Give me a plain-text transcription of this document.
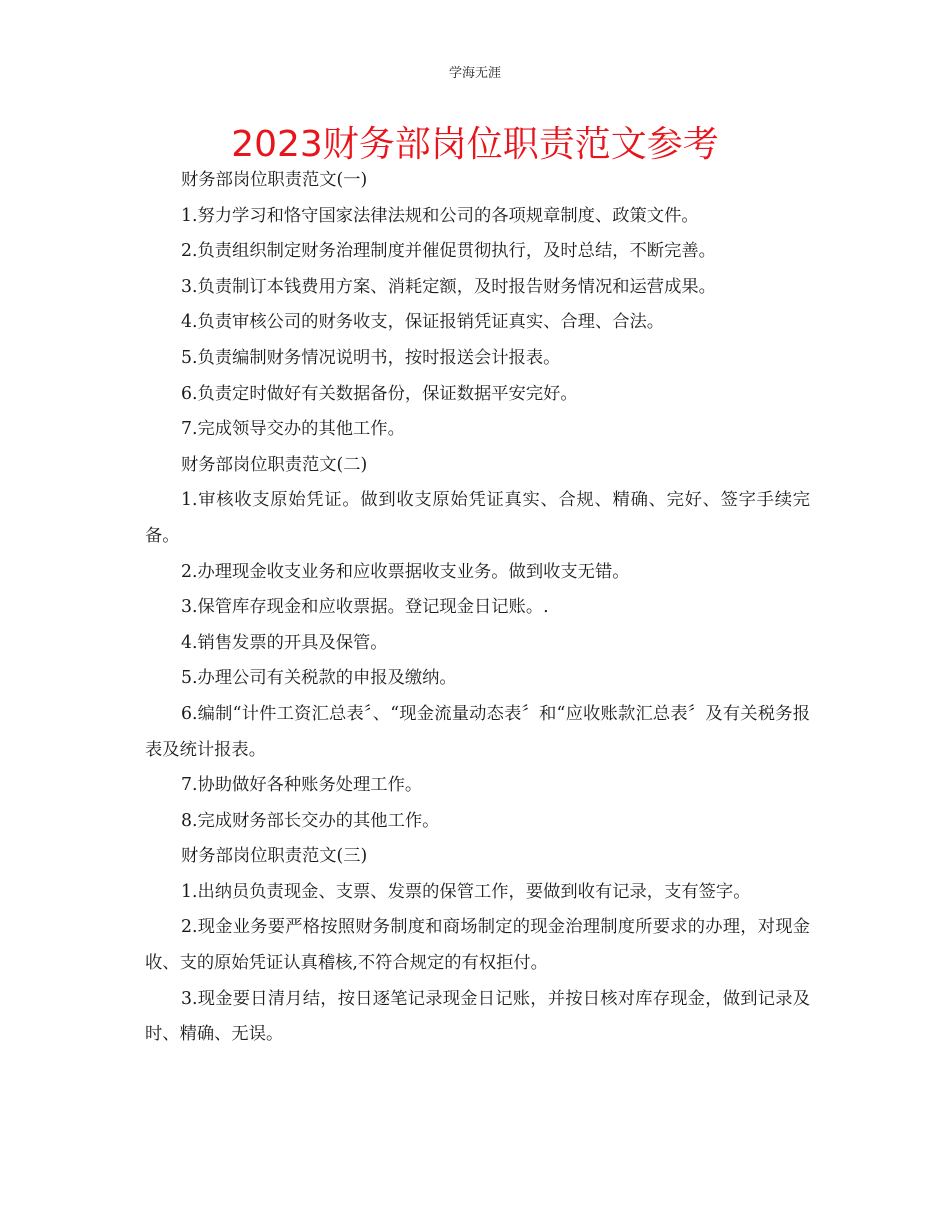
学海无涯
2023财务部岗位职责范文参考

财务部岗位职责范文(一)

1.努力学习和恪守国家法律法规和公司的各项规章制度、政策文件。

2.负责组织制定财务治理制度并催促贯彻执行，及时总结，不断完善。

3.负责制订本钱费用方案、消耗定额，及时报告财务情况和运营成果。

4.负责审核公司的财务收支，保证报销凭证真实、合理、合法。

5.负责编制财务情况说明书，按时报送会计报表。

6.负责定时做好有关数据备份，保证数据平安完好。

7.完成领导交办的其他工作。

财务部岗位职责范文(二)

1.审核收支原始凭证。做到收支原始凭证真实、合规、精确、完好、签字手续完备。

2.办理现金收支业务和应收票据收支业务。做到收支无错。

3.保管库存现金和应收票据。登记现金日记账。.

4.销售发票的开具及保管。

5.办理公司有关税款的申报及缴纳。

6.编制“计件工资汇总表〞、“现金流量动态表〞和“应收账款汇总表〞及有关税务报表及统计报表。

7.协助做好各种账务处理工作。

8.完成财务部长交办的其他工作。

财务部岗位职责范文(三)

1.出纳员负责现金、支票、发票的保管工作，要做到收有记录，支有签字。

2.现金业务要严格按照财务制度和商场制定的现金治理制度所要求的办理，对现金收、支的原始凭证认真稽核,不符合规定的有权拒付。

3.现金要日清月结，按日逐笔记录现金日记账，并按日核对库存现金，做到记录及时、精确、无误。
